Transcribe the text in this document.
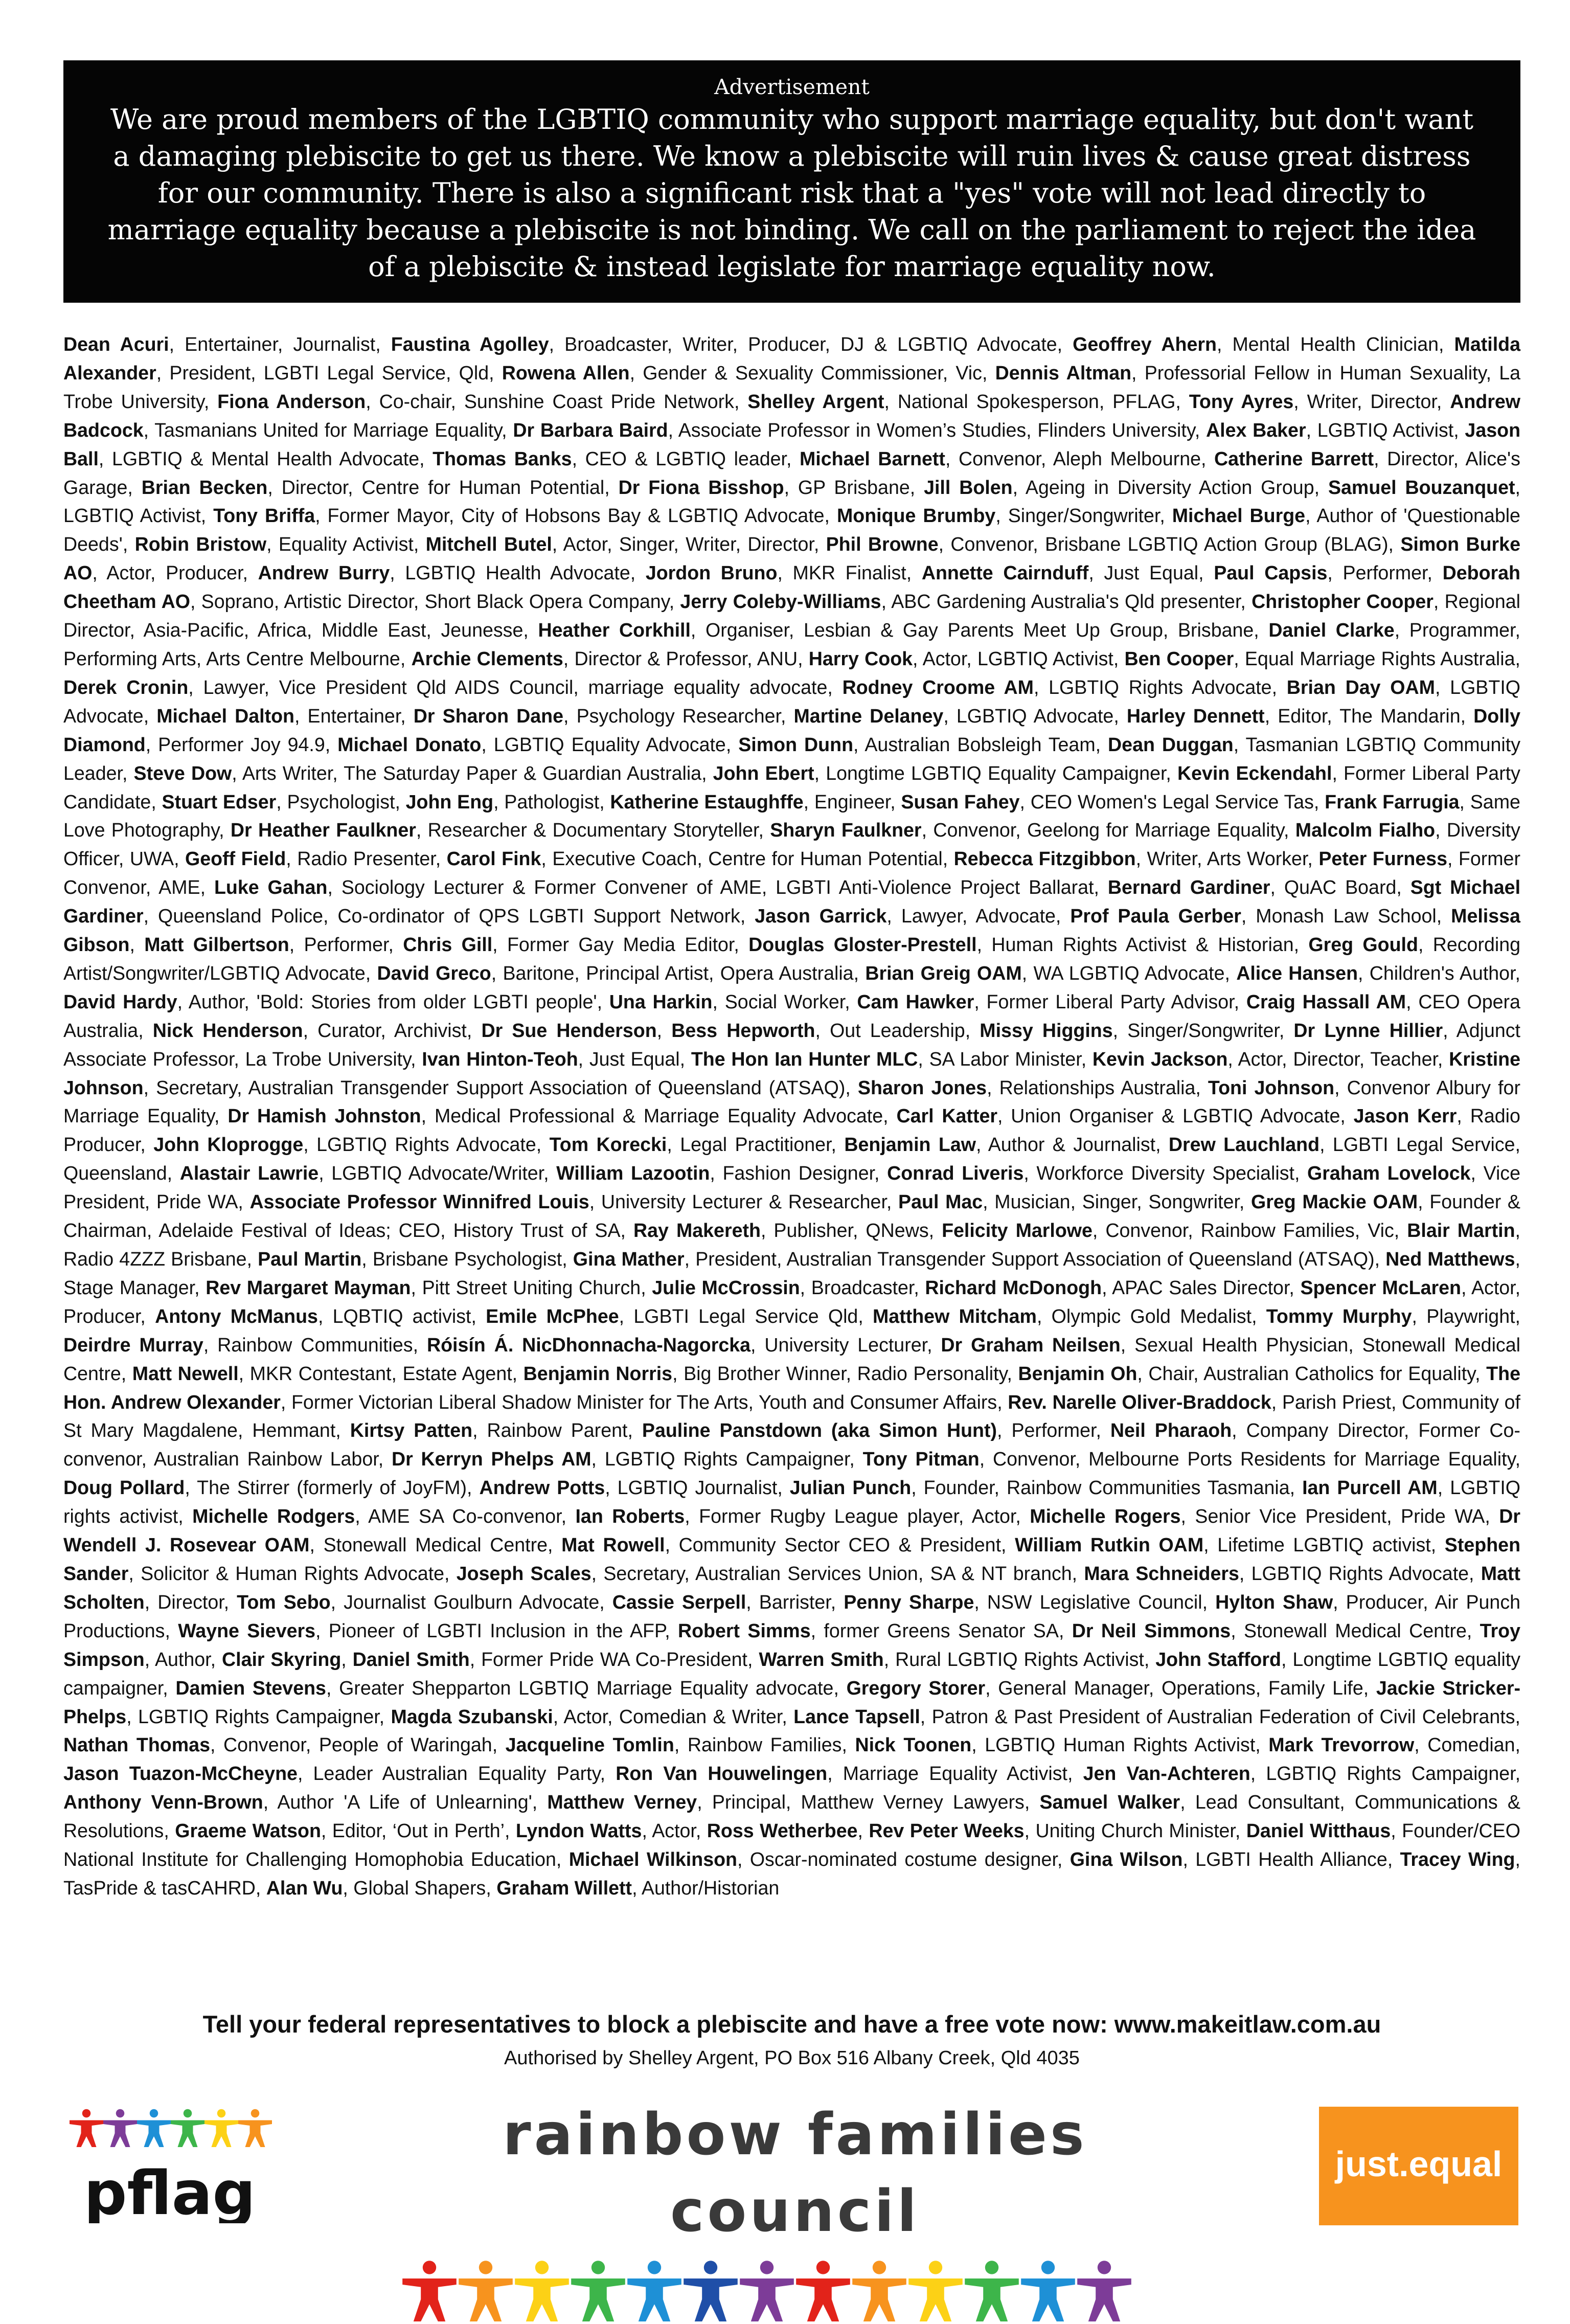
Advertisement
We are proud members of the LGBTIQ community who support marriage equality, but don't want a damaging plebiscite to get us there. We know a plebiscite will ruin lives & cause great distress for our community. There is also a significant risk that a "yes" vote will not lead directly to marriage equality because a plebiscite is not binding. We call on the parliament to reject the idea of a plebiscite & instead legislate for marriage equality now.
Dean Acuri, Entertainer, Journalist, Faustina Agolley, Broadcaster, Writer, Producer, DJ & LGBTIQ Advocate, Geoffrey Ahern, Mental Health Clinician, Matilda Alexander, President, LGBTI Legal Service, Qld, Rowena Allen, Gender & Sexuality Commissioner, Vic, Dennis Altman, Professorial Fellow in Human Sexuality, La Trobe University, Fiona Anderson, Co-chair, Sunshine Coast Pride Network, Shelley Argent, National Spokesperson, PFLAG, Tony Ayres, Writer, Director, Andrew Badcock, Tasmanians United for Marriage Equality, Dr Barbara Baird, Associate Professor in Women’s Studies, Flinders University, Alex Baker, LGBTIQ Activist, Jason Ball, LGBTIQ & Mental Health Advocate, Thomas Banks, CEO & LGBTIQ leader, Michael Barnett, Convenor, Aleph Melbourne, Catherine Barrett, Director, Alice's Garage, Brian Becken, Director, Centre for Human Potential, Dr Fiona Bisshop, GP Brisbane, Jill Bolen, Ageing in Diversity Action Group, Samuel Bouzanquet, LGBTIQ Activist, Tony Briffa, Former Mayor, City of Hobsons Bay & LGBTIQ Advocate, Monique Brumby, Singer/Songwriter, Michael Burge, Author of 'Questionable Deeds', Robin Bristow, Equality Activist, Mitchell Butel, Actor, Singer, Writer, Director, Phil Browne, Convenor, Brisbane LGBTIQ Action Group (BLAG), Simon Burke AO, Actor, Producer, Andrew Burry, LGBTIQ Health Advocate, Jordon Bruno, MKR Finalist, Annette Cairnduff, Just Equal, Paul Capsis, Performer, Deborah Cheetham AO, Soprano, Artistic Director, Short Black Opera Company, Jerry Coleby-Williams, ABC Gardening Australia's Qld presenter, Christopher Cooper, Regional Director, Asia-Pacific, Africa, Middle East, Jeunesse, Heather Corkhill, Organiser, Lesbian & Gay Parents Meet Up Group, Brisbane, Daniel Clarke, Programmer, Performing Arts, Arts Centre Melbourne, Archie Clements, Director & Professor, ANU, Harry Cook, Actor, LGBTIQ Activist, Ben Cooper, Equal Marriage Rights Australia, Derek Cronin, Lawyer, Vice President Qld AIDS Council, marriage equality advocate, Rodney Croome AM, LGBTIQ Rights Advocate, Brian Day OAM, LGBTIQ Advocate, Michael Dalton, Entertainer, Dr Sharon Dane, Psychology Researcher, Martine Delaney, LGBTIQ Advocate, Harley Dennett, Editor, The Mandarin, Dolly Diamond, Performer Joy 94.9, Michael Donato, LGBTIQ Equality Advocate, Simon Dunn, Australian Bobsleigh Team, Dean Duggan, Tasmanian LGBTIQ Community Leader, Steve Dow, Arts Writer, The Saturday Paper & Guardian Australia, John Ebert, Longtime LGBTIQ Equality Campaigner, Kevin Eckendahl, Former Liberal Party Candidate, Stuart Edser, Psychologist, John Eng, Pathologist, Katherine Estaughffe, Engineer, Susan Fahey, CEO Women's Legal Service Tas, Frank Farrugia, Same Love Photography, Dr Heather Faulkner, Researcher & Documentary Storyteller, Sharyn Faulkner, Convenor, Geelong for Marriage Equality, Malcolm Fialho, Diversity Officer, UWA, Geoff Field, Radio Presenter, Carol Fink, Executive Coach, Centre for Human Potential, Rebecca Fitzgibbon, Writer, Arts Worker, Peter Furness, Former Convenor, AME, Luke Gahan, Sociology Lecturer & Former Convener of AME, LGBTI Anti-Violence Project Ballarat, Bernard Gardiner, QuAC Board, Sgt Michael Gardiner, Queensland Police, Co-ordinator of QPS LGBTI Support Network, Jason Garrick, Lawyer, Advocate, Prof Paula Gerber, Monash Law School, Melissa Gibson, Matt Gilbertson, Performer, Chris Gill, Former Gay Media Editor, Douglas Gloster-Prestell, Human Rights Activist & Historian, Greg Gould, Recording Artist/Songwriter/LGBTIQ Advocate, David Greco, Baritone, Principal Artist, Opera Australia, Brian Greig OAM, WA LGBTIQ Advocate, Alice Hansen, Children's Author, David Hardy, Author, 'Bold: Stories from older LGBTI people', Una Harkin, Social Worker, Cam Hawker, Former Liberal Party Advisor, Craig Hassall AM, CEO Opera Australia, Nick Henderson, Curator, Archivist, Dr Sue Henderson, Bess Hepworth, Out Leadership, Missy Higgins, Singer/Songwriter, Dr Lynne Hillier, Adjunct Associate Professor, La Trobe University, Ivan Hinton-Teoh, Just Equal, The Hon Ian Hunter MLC, SA Labor Minister, Kevin Jackson, Actor, Director, Teacher, Kristine Johnson, Secretary, Australian Transgender Support Association of Queensland (ATSAQ), Sharon Jones, Relationships Australia, Toni Johnson, Convenor Albury for Marriage Equality, Dr Hamish Johnston, Medical Professional & Marriage Equality Advocate, Carl Katter, Union Organiser & LGBTIQ Advocate, Jason Kerr, Radio Producer, John Kloprogge, LGBTIQ Rights Advocate, Tom Korecki, Legal Practitioner, Benjamin Law, Author & Journalist, Drew Lauchland, LGBTI Legal Service, Queensland, Alastair Lawrie, LGBTIQ Advocate/Writer, William Lazootin, Fashion Designer, Conrad Liveris, Workforce Diversity Specialist, Graham Lovelock, Vice President, Pride WA, Associate Professor Winnifred Louis, University Lecturer & Researcher, Paul Mac, Musician, Singer, Songwriter, Greg Mackie OAM, Founder & Chairman, Adelaide Festival of Ideas; CEO, History Trust of SA, Ray Makereth, Publisher, QNews, Felicity Marlowe, Convenor, Rainbow Families, Vic, Blair Martin, Radio 4ZZZ Brisbane, Paul Martin, Brisbane Psychologist, Gina Mather, President, Australian Transgender Support Association of Queensland (ATSAQ), Ned Matthews, Stage Manager, Rev Margaret Mayman, Pitt Street Uniting Church, Julie McCrossin, Broadcaster, Richard McDonogh, APAC Sales Director, Spencer McLaren, Actor, Producer, Antony McManus, LQBTIQ activist, Emile McPhee, LGBTI Legal Service Qld, Matthew Mitcham, Olympic Gold Medalist, Tommy Murphy, Playwright, Deirdre Murray, Rainbow Communities, Róisín Á. NicDhonnacha-Nagorcka, University Lecturer, Dr Graham Neilsen, Sexual Health Physician, Stonewall Medical Centre, Matt Newell, MKR Contestant, Estate Agent, Benjamin Norris, Big Brother Winner, Radio Personality, Benjamin Oh, Chair, Australian Catholics for Equality, The Hon. Andrew Olexander, Former Victorian Liberal Shadow Minister for The Arts, Youth and Consumer Affairs, Rev. Narelle Oliver-Braddock, Parish Priest, Community of St Mary Magdalene, Hemmant, Kirtsy Patten, Rainbow Parent, Pauline Panstdown (aka Simon Hunt), Performer, Neil Pharaoh, Company Director, Former Co-convenor, Australian Rainbow Labor, Dr Kerryn Phelps AM, LGBTIQ Rights Campaigner, Tony Pitman, Convenor, Melbourne Ports Residents for Marriage Equality, Doug Pollard, The Stirrer (formerly of JoyFM), Andrew Potts, LGBTIQ Journalist, Julian Punch, Founder, Rainbow Communities Tasmania, Ian Purcell AM, LGBTIQ rights activist, Michelle Rodgers, AME SA Co-convenor, Ian Roberts, Former Rugby League player, Actor, Michelle Rogers, Senior Vice President, Pride WA, Dr Wendell J. Rosevear OAM, Stonewall Medical Centre, Mat Rowell, Community Sector CEO & President, William Rutkin OAM, Lifetime LGBTIQ activist, Stephen Sander, Solicitor & Human Rights Advocate, Joseph Scales, Secretary, Australian Services Union, SA & NT branch, Mara Schneiders, LGBTIQ Rights Advocate, Matt Scholten, Director, Tom Sebo, Journalist Goulburn Advocate, Cassie Serpell, Barrister, Penny Sharpe, NSW Legislative Council, Hylton Shaw, Producer, Air Punch Productions, Wayne Sievers, Pioneer of LGBTI Inclusion in the AFP, Robert Simms, former Greens Senator SA, Dr Neil Simmons, Stonewall Medical Centre, Troy Simpson, Author, Clair Skyring, Daniel Smith, Former Pride WA Co-President, Warren Smith, Rural LGBTIQ Rights Activist, John Stafford, Longtime LGBTIQ equality campaigner, Damien Stevens, Greater Shepparton LGBTIQ Marriage Equality advocate, Gregory Storer, General Manager, Operations, Family Life, Jackie Stricker-Phelps, LGBTIQ Rights Campaigner, Magda Szubanski, Actor, Comedian & Writer, Lance Tapsell, Patron & Past President of Australian Federation of Civil Celebrants, Nathan Thomas, Convenor, People of Waringah, Jacqueline Tomlin, Rainbow Families, Nick Toonen, LGBTIQ Human Rights Activist, Mark Trevorrow, Comedian, Jason Tuazon-McCheyne, Leader Australian Equality Party, Ron Van Houwelingen, Marriage Equality Activist, Jen Van-Achteren, LGBTIQ Rights Campaigner, Anthony Venn-Brown, Author 'A Life of Unlearning', Matthew Verney, Principal, Matthew Verney Lawyers, Samuel Walker, Lead Consultant, Communications & Resolutions, Graeme Watson, Editor, ‘Out in Perth’, Lyndon Watts, Actor, Ross Wetherbee, Rev Peter Weeks, Uniting Church Minister, Daniel Witthaus, Founder/CEO National Institute for Challenging Homophobia Education, Michael Wilkinson, Oscar-nominated costume designer, Gina Wilson, LGBTI Health Alliance, Tracey Wing, TasPride & tasCAHRD, Alan Wu, Global Shapers, Graham Willett, Author/Historian
Tell your federal representatives to block a plebiscite and have a free vote now: www.makeitlaw.com.au
Authorised by Shelley Argent, PO Box 516 Albany Creek, Qld 4035
pflag
rainbow families council
just.equal
